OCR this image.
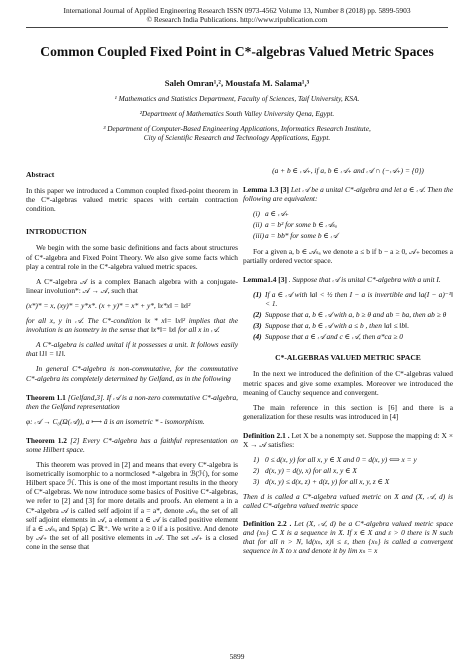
International Journal of Applied Engineering Research ISSN 0973-4562 Volume 13, Number 8 (2018) pp. 5899-5903
© Research India Publications. http://www.ripublication.com
Common Coupled Fixed Point in C*-algebras Valued Metric Spaces
Saleh Omran¹,², Moustafa M. Salama¹,³
¹ Mathematics and Statistics Department, Faculty of Sciences, Taif University, KSA.
²Department of Mathematics South Valley University Qena, Egypt.
³ Department of Computer-Based Engineering Applications, Informatics Research Institute,
City of Scientific Research and Technology Applications, Egypt.
Abstract

In this paper we introduced a Common coupled fixed-point theorem in the C*-algebras valued metric spaces with certain contraction condition.

INTRODUCTION

We begin with the some basic definitions and facts about structures of C*-algebra and Fixed Point Theory. We also give some facts which play a central role in the C*-algebra valued metric spaces.

A C*-algebra 𝒜 is a complex Banach algebra with a conjugate-linear involution*: 𝒜 → 𝒜, such that

(x*)* = x, (xy)* = y*x*. (x + y)* = x* + y*, ‖x*x‖ = ‖x‖²

for all x, y in 𝒜. The C*-condition ‖x * x‖= ‖x‖² implies that the involution is an isometry in the sense that ‖x*‖= ‖x‖ for all x in 𝒜.

A C*-algebra is called unital if it possesses a unit. It follows easily that ‖1‖ = ‖1‖.

In general C*-algebra is non-commutative, for the commutative C*-algebra its completely determined by Gelfand, as in the following

Theorem 1.1 [Gelfand,3]. If 𝒜 is a non-zero commutative C*-algebra, then the Gelfand representation

φ: 𝒜 → C₀(Ω(𝒜)), a ⟼ â is an isometric * - isomorphism.

Theorem 1.2 [2] Every C*-algebra has a faithful representation on some Hilbert space.

This theorem was proved in [2] and means that every C*-algebra is isometrically isomorphic to a normclosed *-algebra in ℬ(ℋ), for some Hilbert space ℋ. This is one of the most important results in the theory of C*-algebras. We now introduce some basics of Positive C*-algebras, we refer to [2] and [3] for more details and proofs. An element a in a C*-algebra 𝒜 is called self adjoint if a = a*, denote 𝒜ₛₐ the set of all self adjoint elements in 𝒜, a element a ∈ 𝒜 is called positive element if a ∈ 𝒜ₛₐ and Sp(a) ⊂ ℝ⁺. We write a ≥ 0 if a is positive. And denote by 𝒜₊ the set of all positive elements in 𝒜. The set 𝒜₊ is a closed cone in the sense that

(a + b ∈ 𝒜₊, if a, b ∈ 𝒜₊ and 𝒜 ∩ (−𝒜₊) = {0})

Lemma 1.3 [3] Let 𝒜 be a unital C*-algebra and let a ∈ 𝒜. Then the following are equivalent:

(i) a ∈ 𝒜₊
(ii) a = b² for some b ∈ 𝒜ₛₐ
(iii)a = bb* for some b ∈ 𝒜

For a given a, b ∈ 𝒜ₛₐ we denote a ≤ b if b − a ≥ 0, 𝒜₊ becomes a partially ordered vector space.

Lemma1.4 [3] . Suppose that 𝒜 is unital C*-algebra with a unit I.

(1) If a ∈ 𝒜 with ‖a‖ < ½ then I − a is invertible and ‖a(I − a)⁻¹‖ < 1.
(2) Suppose that a, b ∈ 𝒜 with a, b ≥ θ and ab = ba, then ab ≥ θ
(3) Suppose that a, b ∈ 𝒜 with a ≤ b , then ‖a‖ ≤ ‖b‖.
(4) Suppose that a ∈ 𝒜 and c ∈ 𝒜, then a*ca ≥ 0
C*-ALGEBRAS VALUED METRIC SPACE

In the next we introduced the definition of the C*-algebras valued metric spaces and give some examples. Moreover we introduced the meaning of Cauchy sequence and convergent.

The main reference in this section is [6] and there is a generalization for these results was introduced in [4]

Definition 2.1 . Let X be a nonempty set. Suppose the mapping d: X × X → 𝒜 satisfies:

1) 0 ≤ d(x, y) for all x, y ∈ X and 0 = d(x, y) ⟺ x = y
2) d(x, y) = d(y, x) for all x, y ∈ X
3) d(x, y) ≤ d(x, z) + d(z, y) for all x, y, z ∈ X

Then d is called a C*-algebra valued metric on X and (X, 𝒜, d) is called C*-algebra valued metric space

Definition 2.2 . Let (X, 𝒜, d) be a C*-algebra valued metric space and {xₙ} ⊂ X is a sequence in X. If x ∈ X and ε > 0 there is N such that for all n > N, ‖d(xₙ, x)‖ ≤ ε, then {xₙ} is called a convergent sequence in X to x and denote it by lim xₙ = x

5899
